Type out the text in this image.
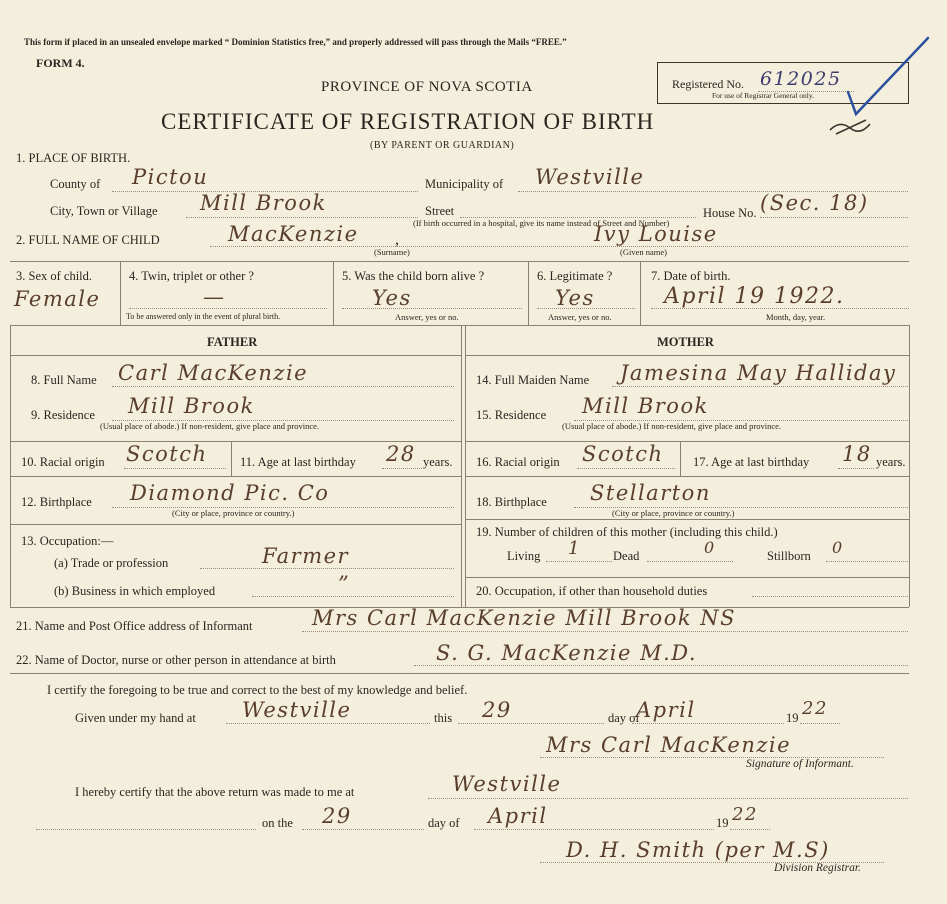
This form if placed in an unsealed envelope marked “ Dominion Statistics free,” and properly addressed will pass through the Mails “FREE.”
FORM 4.
PROVINCE OF NOVA SCOTIA
CERTIFICATE OF REGISTRATION OF BIRTH
(BY PARENT OR GUARDIAN)
Registered No. 612025
For use of Registrar General only.
1. PLACE OF BIRTH.
County of Pictou	Municipality of Westville
City, Town or Village Mill Brook	Street	House No. (Sec. 18)
(If birth occurred in a hospital, give its name instead of Street and Number)
2. FULL NAME OF CHILD	MacKenzie ,	Ivy Louise
(Surname)	(Given name)
3. Sex of child.
Female
4. Twin, triplet or other ?
—
To be answered only in the event of plural birth.
5. Was the child born alive ?
Yes
Answer, yes or no.
6. Legitimate ?
Yes
Answer, yes or no.
7. Date of birth.
April 19 1922.
Month, day, year.
FATHER	MOTHER
8. Full Name Carl MacKenzie
9. Residence Mill Brook
(Usual place of abode.) If non-resident, give place and province.
10. Racial origin Scotch	11. Age at last birthday 28 years.
12. Birthplace Diamond Pic. Co
(City or place, province or country.)
13. Occupation:—
(a) Trade or profession	Farmer
(b) Business in which employed	”
14. Full Maiden Name Jamesina May Halliday
15. Residence Mill Brook
(Usual place of abode.) If non-resident, give place and province.
16. Racial origin Scotch 17. Age at last birthday 18 years.
18. Birthplace Stellarton
(City or place, province or country.)
19. Number of children of this mother (including this child.)
Living 1	Dead	0	Stillborn 0
20. Occupation, if other than household duties
21. Name and Post Office address of Informant	Mrs Carl MacKenzie Mill Brook NS
22. Name of Doctor, nurse or other person in attendance at birth	S. G. MacKenzie M.D.
I certify the foregoing to be true and correct to the best of my knowledge and belief.
Given under my hand at Westville	this 29	day of
April	19 22
Mrs Carl MacKenzie
Signature of Informant.
I hereby certify that the above return was made to me at	Westville
on the 29	day of April	19 22
D. H. Smith (per M.S)
Division Registrar.
